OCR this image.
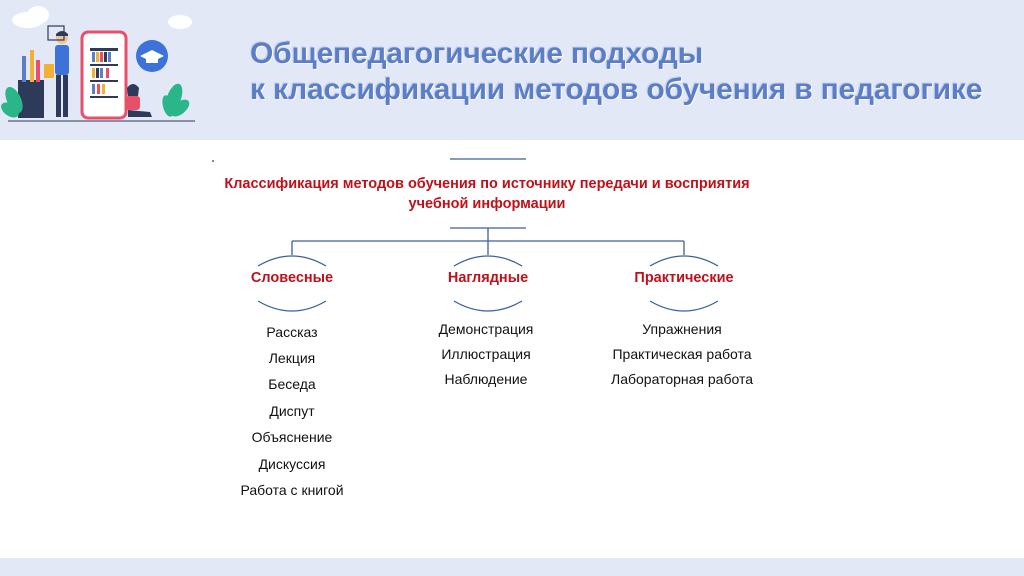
Общепедагогические подходы
к классификации методов обучения в педагогике
Классификация методов обучения по источнику передачи и восприятия учебной информации
Словесные	Наглядные	Практические
Рассказ
Лекция
Беседа
Диспут
Объяснение
Дискуссия
Работа с книгой
Демонстрация
Иллюстрация
Наблюдение
Упражнения
Практическая работа
Лабораторная работа
